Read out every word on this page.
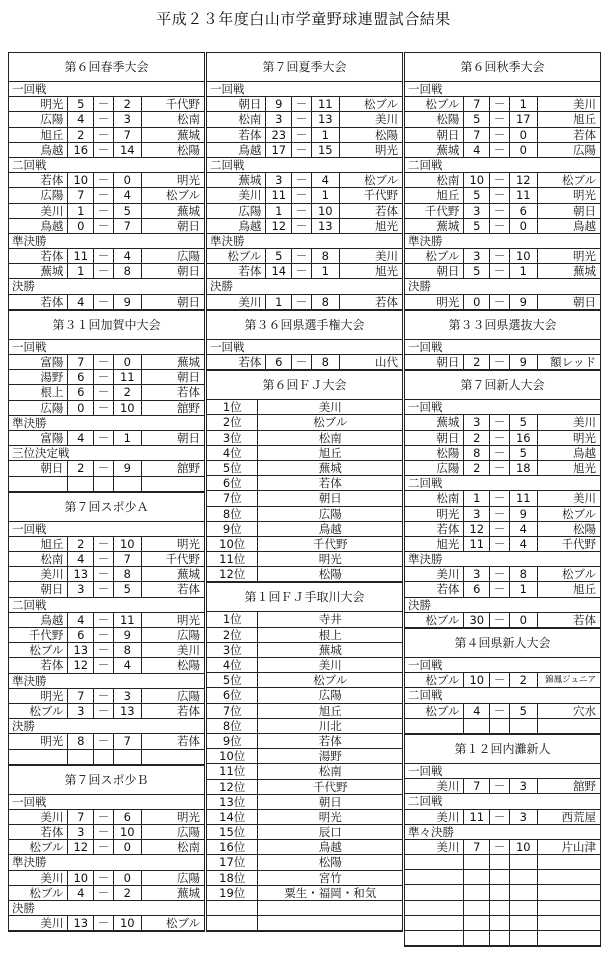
平成２３年度白山市学童野球連盟試合結果
第６回春季大会
一回戦
明光	5	－	2	千代野
広陽	4	－	3	松南
旭丘	2	－	7	蕪城
鳥越 16 － 14	松陽
二回戦
若体 10 －	0	明光
広陽	7	－	4	松ブル
美川	1	－	5	蕪城
鳥越	0	－	7	朝日
準決勝
若体 11 －	4	広陽
蕪城	1	－	8	朝日
決勝
若体	4	－	9	朝日
第３１回加賀中大会
一回戦
富陽	7	－	0	蕪城
湯野	6	－ 11	朝日
根上	6	－	2	若体
広陽	0	－ 10	舘野
準決勝
富陽	4	－	1	朝日
三位決定戦
朝日	2	－	9	舘野
第７回スポ少Ａ
一回戦
旭丘	2	－ 10	明光
松南	4	－	7	千代野
美川 13 －	8	蕪城
朝日	3	－	5	若体
二回戦
鳥越	4	－ 11	明光
千代野	6	－	9	広陽
松ブル 13 －	8	美川
若体 12 －	4	松陽
準決勝
明光	7	－	3	広陽
松ブル	3	－ 13	若体
決勝
明光	8	－	7	若体
第７回スポ少Ｂ
一回戦
美川	7	－	6	明光
若体	3	－ 10	広陽
松ブル 12 －	0	松南
準決勝
美川 10 －	0	広陽
松ブル	4	－	2	蕪城
決勝
美川 13 － 10	松ブル
第７回夏季大会
一回戦
朝日	9	－ 11	松ブル
松南	3	－ 13	美川
若体 23 －	1	松陽
鳥越 17 － 15	明光
二回戦
蕪城	3	－	4	松ブル
美川 11 －	1	千代野
広陽	1	－ 10	若体
鳥越 12 － 13	旭光
準決勝
松ブル	5	－	8	美川
若体 14 －	1	旭光
決勝
美川	1	－	8	若体
第３６回県選手権大会
一回戦
若体	6	－	8	山代
第６回ＦＪ大会
1位	美川
2位	松ブル
3位	松南
4位	旭丘
5位	蕪城
6位	若体
7位	朝日
8位	広陽
9位	鳥越
10位	千代野
11位	明光
12位	松陽
第１回ＦＪ手取川大会
1位	寺井
2位	根上
3位	蕪城
4位	美川
5位	松ブル
6位	広陽
7位	旭丘
8位	川北
9位	若体
10位	湯野
11位	松南
12位	千代野
13位	朝日
14位	明光
15位	辰口
16位	鳥越
17位	松陽
18位	宮竹
19位	粟生・福岡・和気
第６回秋季大会
一回戦
松ブル	7	－	1	美川
松陽	5	－ 17	旭丘
朝日	7	－	0	若体
蕪城	4	－	0	広陽
二回戦
松南 10 － 12	松ブル
旭丘	5	－ 11	明光
千代野	3	－	6	朝日
蕪城	5	－	0	鳥越
準決勝
松ブル	3	－ 10	明光
朝日	5	－	1	蕪城
決勝
明光	0	－	9	朝日
第３３回県選抜大会
一回戦
朝日	2	－	9	額レッド
第７回新人大会
一回戦
蕪城	3	－	5	美川
朝日	2	－ 16	明光
松陽	8	－	5	鳥越
広陽	2	－ 18	旭光
二回戦
松南	1	－ 11	美川
明光	3	－	9	松ブル
若体 12 －	4	松陽
旭光 11 －	4	千代野
準決勝
美川	3	－	8	松ブル
若体	6	－	1	旭丘
決勝
松ブル 30 －	0	若体
第４回県新人大会
一回戦
松ブル 10 －	2	錦鳳ジュニア
二回戦
松ブル	4	－	5	穴水
第１２回内灘新人
一回戦
美川	7	－	3	舘野
二回戦
美川 11 －	3	西荒屋
準々決勝
美川	7	－ 10	片山津
